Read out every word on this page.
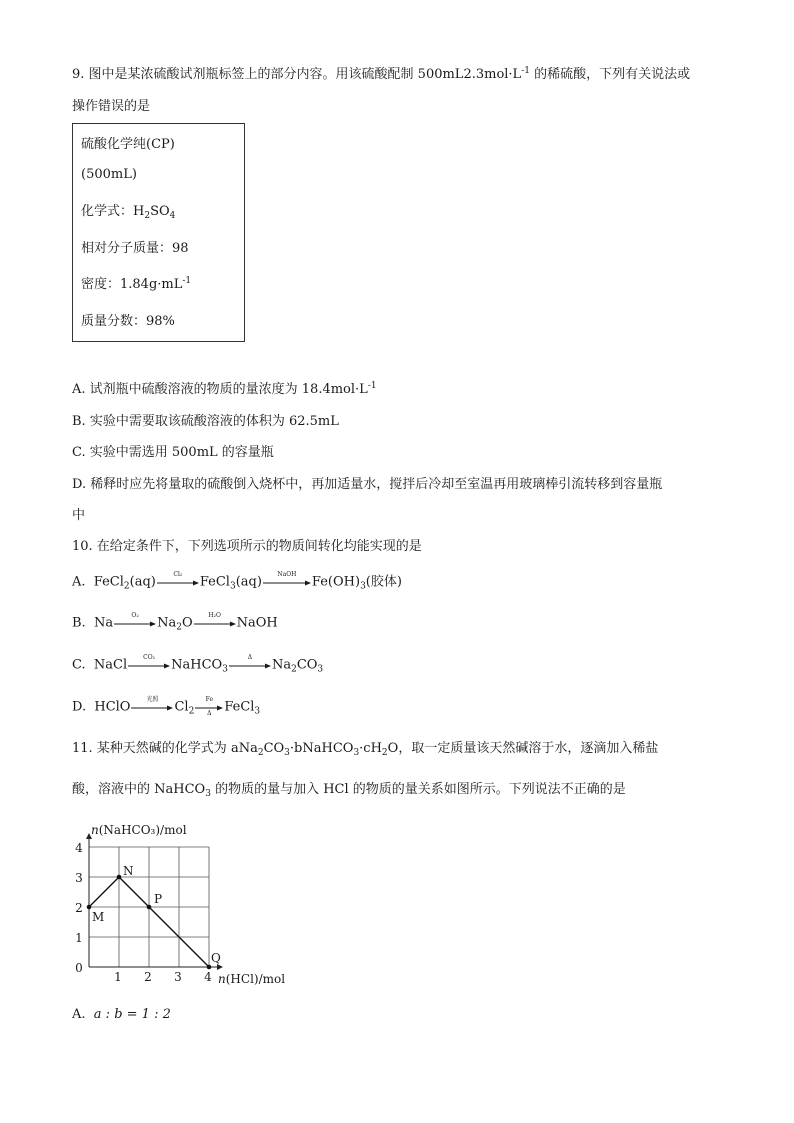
9. 图中是某浓硫酸试剂瓶标签上的部分内容。用该硫酸配制 $500mL2.3mol\cdot L^{-1}$ 的稀硫酸，下列有关说法或
操作错误的是
硫酸化学纯(CP)
(500mL)
化学式：$H_2SO_4$
相对分子质量：98
密度：$1.84g\cdot mL^{-1}$
质量分数：98%
A. 试剂瓶中硫酸溶液的物质的量浓度为 $18.4mol\cdot L^{-1}$
B. 实验中需要取该硫酸溶液的体积为 62.5mL
C. 实验中需选用 500mL 的容量瓶
D. 稀释时应先将量取的硫酸倒入烧杯中，再加适量水，搅拌后冷却至室温再用玻璃棒引流转移到容量瓶
中
10. 在给定条件下，下列选项所示的物质间转化均能实现的是
A. FeCl$_2$(aq)	Cl₂	FeCl$_3$(aq)	NaOH	$Fe(OH)_3$(胶体)
B. Na	O₂	$Na_2O$	H₂O	NaOH
C. NaCl	CO₂	NaHCO$_3$
Δ	$Na_2CO_3$
D. HClO	光照	$Cl_2$
Fe
Δ FeCl$_3$
11. 某种天然碱的化学式为 $aNa_2CO_3\cdot bNaHCO_3\cdot cH_2O$，取一定质量该天然碱溶于水，逐滴加入稀盐
酸，溶液中的 NaHCO$_3$ 的物质的量与加入 HCl 的物质的量关系如图所示。下列说法不正确的是
1 2 3 4
0
1
2
3
4
M
N
P
Q
n(NaHCO₃)/mol
n(HCl)/mol
A. a : b = 1 : 2
